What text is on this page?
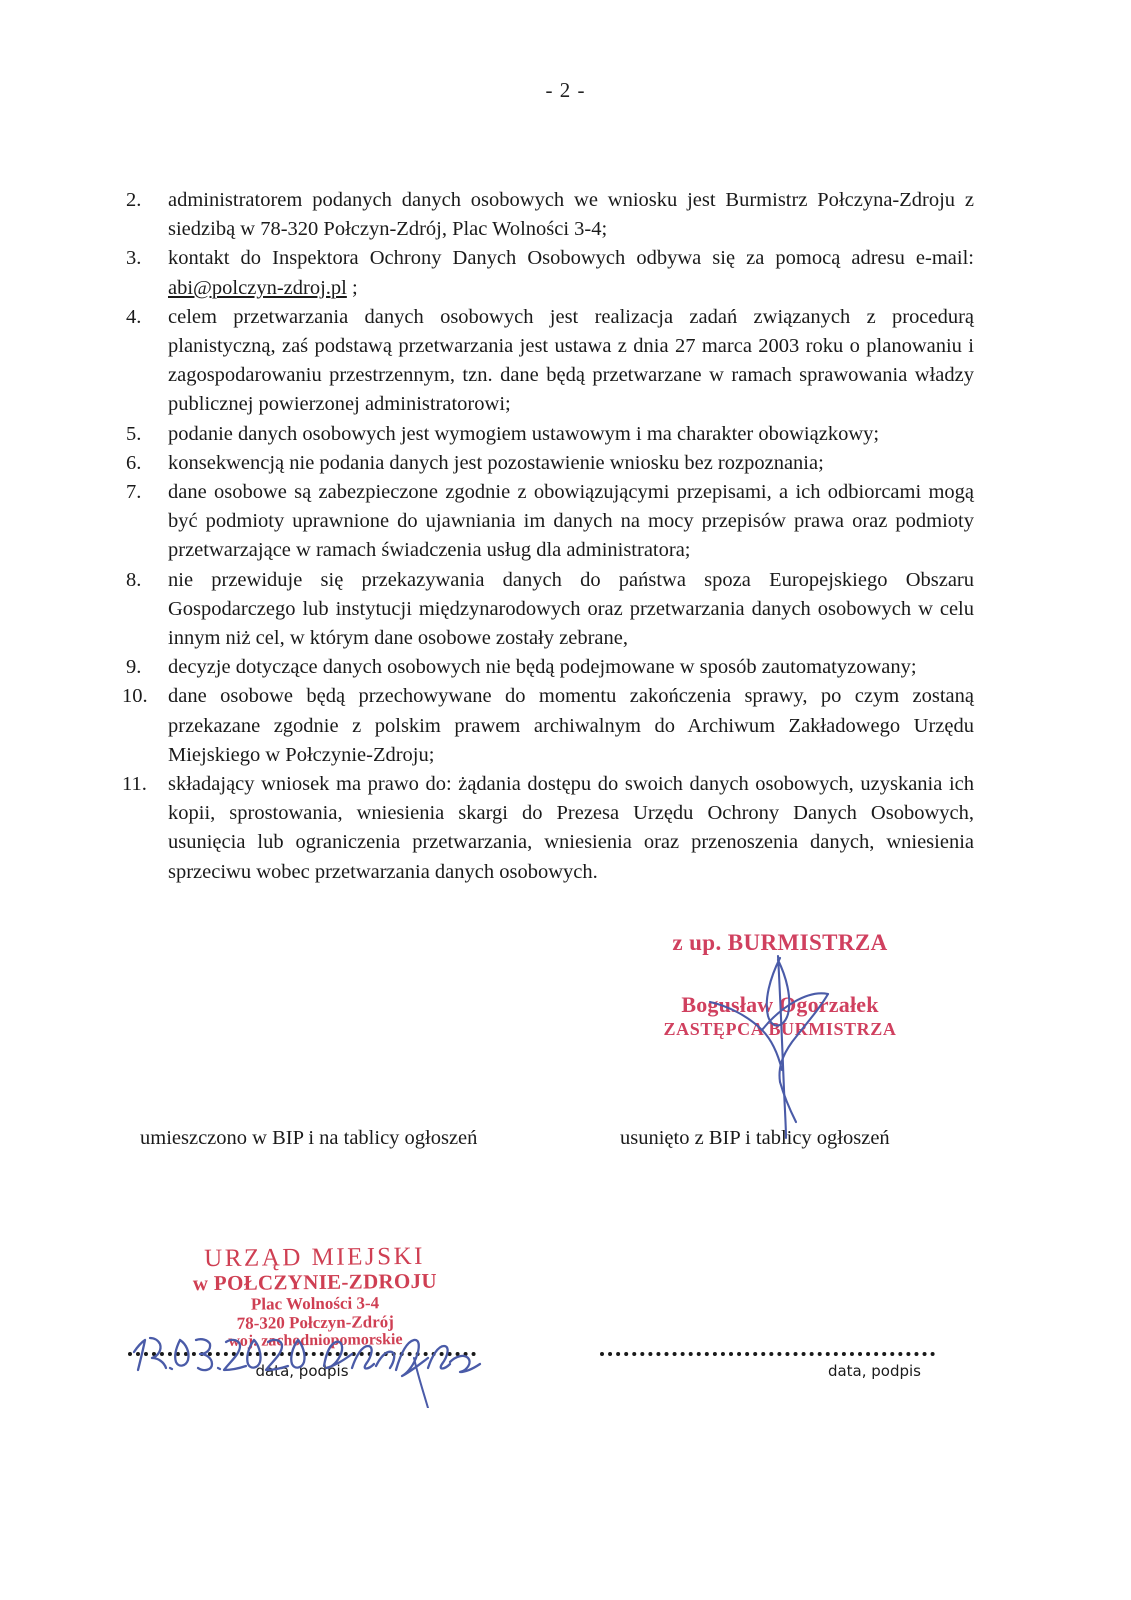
- 2 -
2.	administratorem podanych danych osobowych we wniosku jest Burmistrz Połczyna-Zdroju z siedzibą w 78-320 Połczyn-Zdrój, Plac Wolności 3-4;
3.	kontakt do Inspektora Ochrony Danych Osobowych odbywa się za pomocą adresu e-mail: abi@polczyn-zdroj.pl ;
4.	celem przetwarzania danych osobowych jest realizacja zadań związanych z procedurą planistyczną, zaś podstawą przetwarzania jest ustawa z dnia 27 marca 2003 roku o planowaniu i zagospodarowaniu przestrzennym, tzn. dane będą przetwarzane w ramach sprawowania władzy publicznej powierzonej administratorowi;
5.	podanie danych osobowych jest wymogiem ustawowym i ma charakter obowiązkowy;
6.	konsekwencją nie podania danych jest pozostawienie wniosku bez rozpoznania;
7.	dane osobowe są zabezpieczone zgodnie z obowiązującymi przepisami, a ich odbiorcami mogą być podmioty uprawnione do ujawniania im danych na mocy przepisów prawa oraz podmioty przetwarzające w ramach świadczenia usług dla administratora;
8.	nie przewiduje się przekazywania danych do państwa spoza Europejskiego Obszaru Gospodarczego lub instytucji międzynarodowych oraz przetwarzania danych osobowych w celu innym niż cel, w którym dane osobowe zostały zebrane,
9.	decyzje dotyczące danych osobowych nie będą podejmowane w sposób zautomatyzowany;
10. dane osobowe będą przechowywane do momentu zakończenia sprawy, po czym zostaną przekazane zgodnie z polskim prawem archiwalnym do Archiwum Zakładowego Urzędu Miejskiego w Połczynie-Zdroju;
11.	składający wniosek ma prawo do: żądania dostępu do swoich danych osobowych, uzyskania ich kopii, sprostowania, wniesienia skargi do Prezesa Urzędu Ochrony Danych Osobowych, usunięcia lub ograniczenia przetwarzania, wniesienia oraz przenoszenia danych, wniesienia sprzeciwu wobec przetwarzania danych osobowych.
z up. BURMISTRZA
Bogusław Ogorzałek
ZASTĘPCA BURMISTRZA
umieszczono w BIP i na tablicy ogłoszeń	usunięto z BIP i tablicy ogłoszeń
URZĄD MIEJSKI
w POŁCZYNIE-ZDROJU
Plac Wolności 3-4
78-320 Połczyn-Zdrój
woj. zachodniopomorskie
data, podpis	data, podpis
